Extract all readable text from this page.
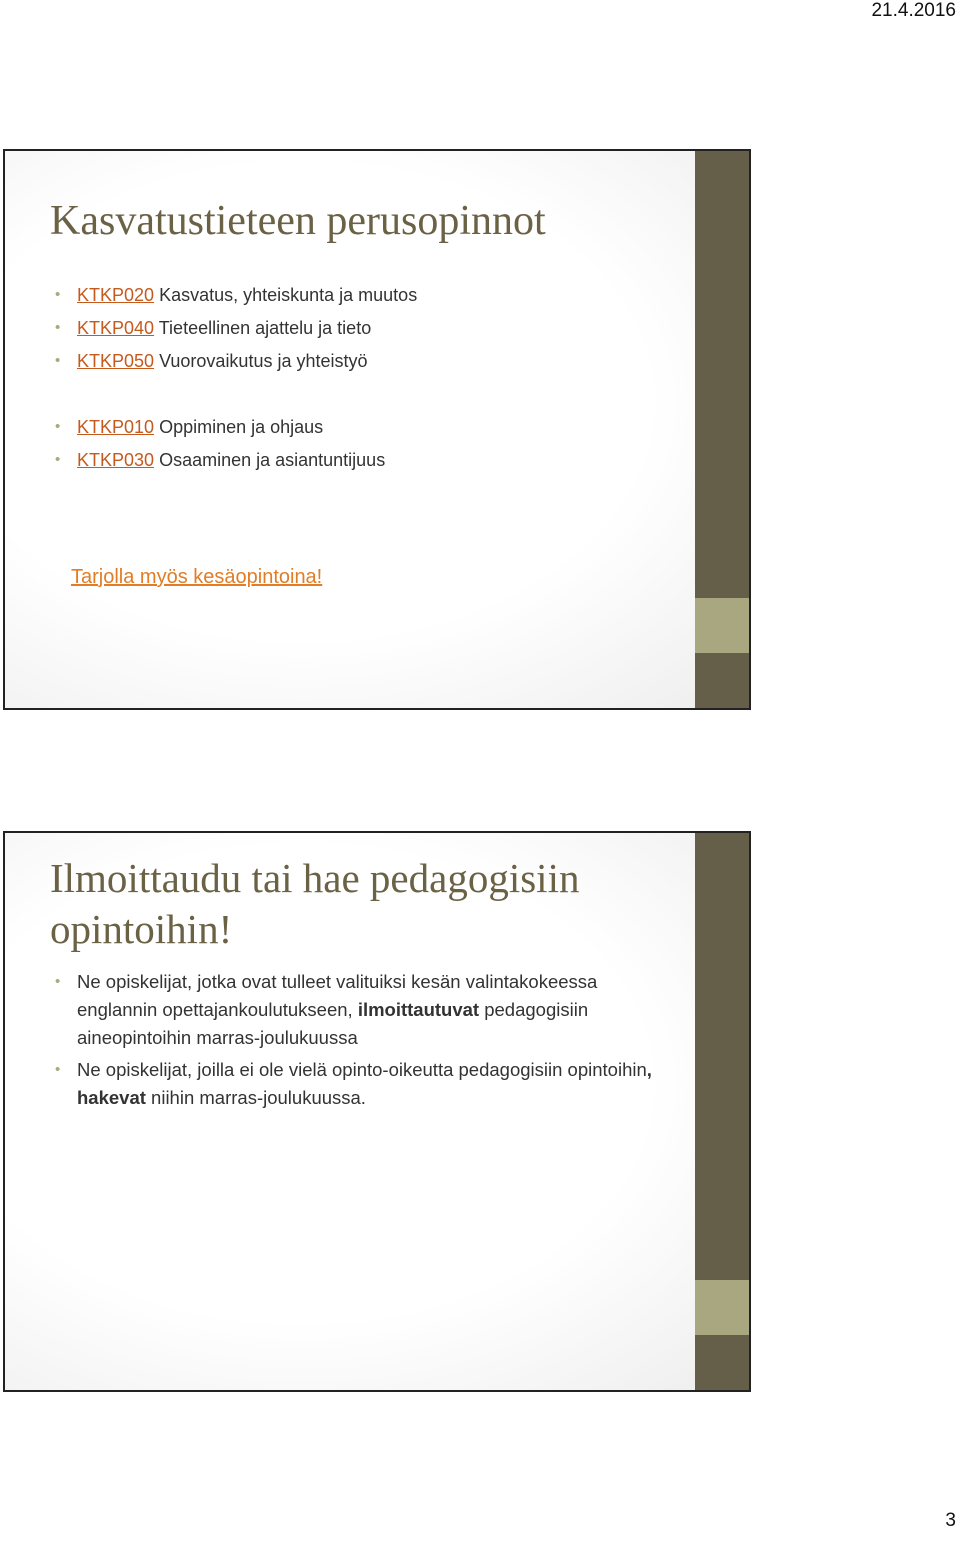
21.4.2016
Kasvatustieteen perusopinnot
• KTKP020 Kasvatus, yhteiskunta ja muutos
• KTKP040 Tieteellinen ajattelu ja tieto
• KTKP050 Vuorovaikutus ja yhteistyö
• KTKP010 Oppiminen ja ohjaus
• KTKP030 Osaaminen ja asiantuntijuus
Tarjolla myös kesäopintoina!
Ilmoittaudu tai hae pedagogisiin
opintoihin!
• Ne opiskelijat, jotka ovat tulleet valituiksi kesän valintakokeessa englannin opettajankoulutukseen, ilmoittautuvat pedagogisiin aineopintoihin marras-joulukuussa
• Ne opiskelijat, joilla ei ole vielä opinto-oikeutta pedagogisiin opintoihin, hakevat niihin marras-joulukuussa.
3
